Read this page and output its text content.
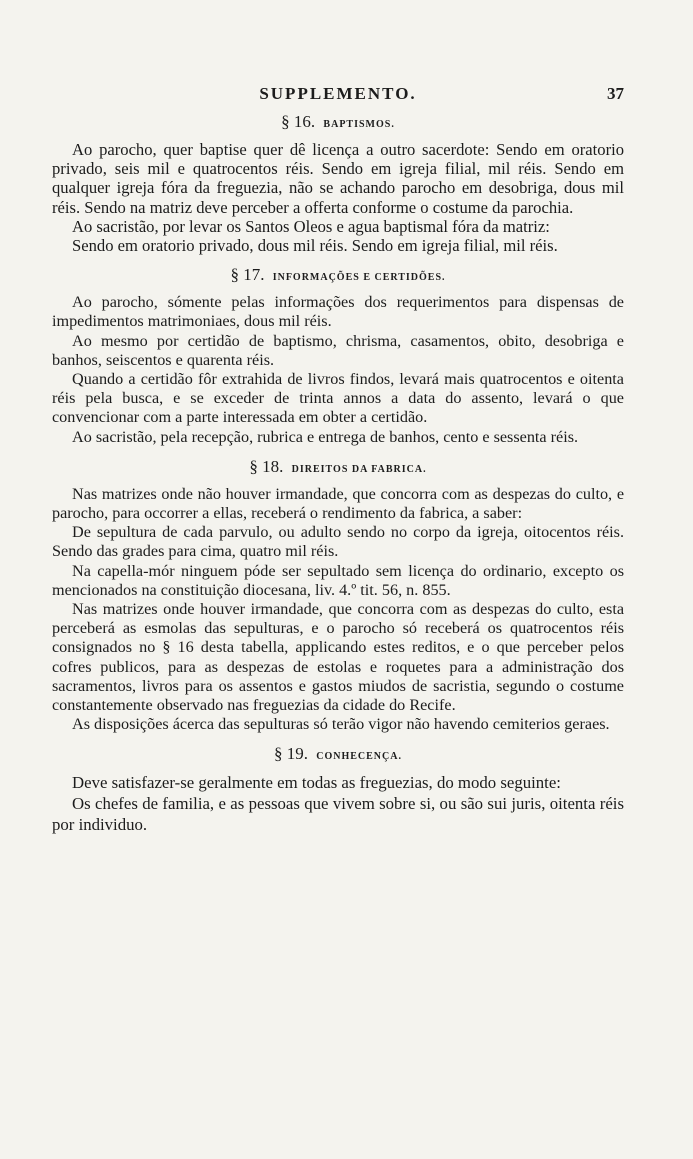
SUPPLEMENTO.	37
§ 16. BAPTISMOS.

Ao parocho, quer baptise quer dê licença a outro sacerdote: Sendo em oratorio privado, seis mil e quatrocentos réis. Sendo em igreja filial, mil réis. Sendo em qualquer igreja fóra da freguezia, não se achando parocho em desobriga, dous mil réis. Sendo na matriz deve perceber a offerta conforme o costume da parochia.

Ao sacristão, por levar os Santos Oleos e agua baptismal fóra da matriz:

Sendo em oratorio privado, dous mil réis. Sendo em igreja filial, mil réis.

§ 17. INFORMAÇÕES E CERTIDÕES.

Ao parocho, sómente pelas informações dos requerimentos para dispensas de impedimentos matrimoniaes, dous mil réis.

Ao mesmo por certidão de baptismo, chrisma, casamentos, obito, desobriga e banhos, seiscentos e quarenta réis.

Quando a certidão fôr extrahida de livros findos, levará mais quatrocentos e oitenta réis pela busca, e se exceder de trinta annos a data do assento, levará o que convencionar com a parte interessada em obter a certidão.

Ao sacristão, pela recepção, rubrica e entrega de banhos, cento e sessenta réis.

§ 18. DIREITOS DA FABRICA.

Nas matrizes onde não houver irmandade, que concorra com as despezas do culto, e parocho, para occorrer a ellas, receberá o rendimento da fabrica, a saber:

De sepultura de cada parvulo, ou adulto sendo no corpo da igreja, oitocentos réis. Sendo das grades para cima, quatro mil réis.

Na capella-mór ninguem póde ser sepultado sem licença do ordinario, excepto os mencionados na constituição diocesana, liv. 4.º tit. 56, n. 855.

Nas matrizes onde houver irmandade, que concorra com as despezas do culto, esta perceberá as esmolas das sepulturas, e o parocho só receberá os quatrocentos réis consignados no § 16 desta tabella, applicando estes reditos, e o que perceber pelos cofres publicos, para as despezas de estolas e roquetes para a administração dos sacramentos, livros para os assentos e gastos miudos de sacristia, segundo o costume constantemente observado nas freguezias da cidade do Recife.

As disposições ácerca das sepulturas só terão vigor não havendo cemiterios geraes.

§ 19. CONHECENÇA.

Deve satisfazer-se geralmente em todas as freguezias, do modo seguinte:

Os chefes de familia, e as pessoas que vivem sobre si, ou são sui juris, oitenta réis por individuo.
